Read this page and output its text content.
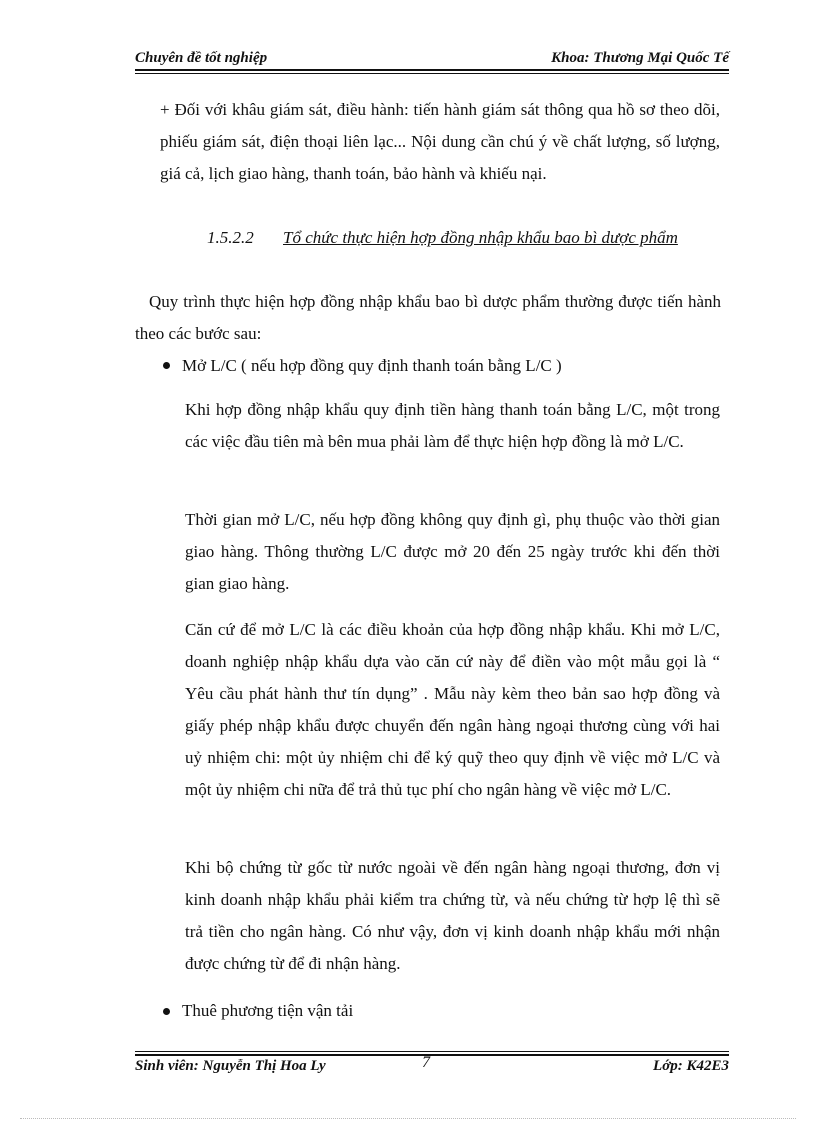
Chuyên đề tốt nghiệp	Khoa: Thương Mại Quốc Tế

+ Đối với khâu giám sát, điều hành: tiến hành giám sát thông qua hồ sơ theo dõi, phiếu giám sát, điện thoại liên lạc... Nội dung cần chú ý về chất lượng, số lượng, giá cả, lịch giao hàng, thanh toán, bảo hành và khiếu nại.

1.5.2.2 Tổ chức thực hiện hợp đồng nhập khẩu bao bì dược phẩm

Quy trình thực hiện hợp đồng nhập khẩu bao bì dược phẩm thường được tiến hành theo các bước sau:

Mở L/C ( nếu hợp đồng quy định thanh toán bằng L/C )

Khi hợp đồng nhập khẩu quy định tiền hàng thanh toán bằng L/C, một trong các việc đầu tiên mà bên mua phải làm để thực hiện hợp đồng là mở L/C.

Thời gian mở L/C, nếu hợp đồng không quy định gì, phụ thuộc vào thời gian giao hàng. Thông thường L/C được mở 20 đến 25 ngày trước khi đến thời gian giao hàng.

Căn cứ để mở L/C là các điều khoản của hợp đồng nhập khẩu. Khi mở L/C, doanh nghiệp nhập khẩu dựa vào căn cứ này để điền vào một mẫu gọi là “ Yêu cầu phát hành thư tín dụng” . Mẫu này kèm theo bản sao hợp đồng và giấy phép nhập khẩu được chuyển đến ngân hàng ngoại thương cùng với hai uỷ nhiệm chi: một ủy nhiệm chi để ký quỹ theo quy định về việc mở L/C và một ủy nhiệm chi nữa để trả thủ tục phí cho ngân hàng về việc mở L/C.

Khi bộ chứng từ gốc từ nước ngoài về đến ngân hàng ngoại thương, đơn vị kinh doanh nhập khẩu phải kiểm tra chứng từ, và nếu chứng từ hợp lệ thì sẽ trả tiền cho ngân hàng. Có như vậy, đơn vị kinh doanh nhập khẩu mới nhận được chứng từ để đi nhận hàng.

Thuê phương tiện vận tải

Sinh viên: Nguyễn Thị Hoa Ly	Lớp: K42E3
7
